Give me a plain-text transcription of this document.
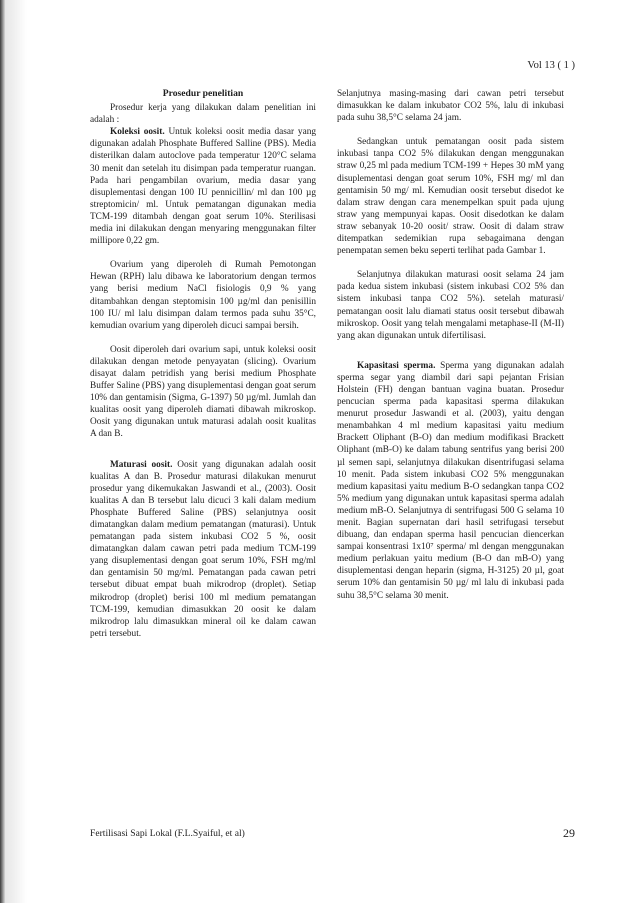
Vol 13 ( 1 )
Prosedur penelitian

Prosedur kerja yang dilakukan dalam penelitian ini adalah :

Koleksi oosit. Untuk koleksi oosit media dasar yang digunakan adalah Phosphate Buffered Salline (PBS). Media disterilkan dalam autoclove pada temperatur 120°C selama 30 menit dan setelah itu disimpan pada temperatur ruangan. Pada hari pengambilan ovarium, media dasar yang disuplementasi dengan 100 IU pennicillin/ ml dan 100 µg streptomicin/ ml. Untuk pematangan digunakan media TCM-199 ditambah dengan goat serum 10%. Sterilisasi media ini dilakukan dengan menyaring menggunakan filter millipore 0,22 gm.

Ovarium yang diperoleh di Rumah Pemotongan Hewan (RPH) lalu dibawa ke laboratorium dengan termos yang berisi medium NaCl fisiologis 0,9 % yang ditambahkan dengan steptomisin 100 µg/ml dan penisillin 100 IU/ ml lalu disimpan dalam termos pada suhu 35°C, kemudian ovarium yang diperoleh dicuci sampai bersih.

Oosit diperoleh dari ovarium sapi, untuk koleksi oosit dilakukan dengan metode penyayatan (slicing). Ovarium disayat dalam petridish yang berisi medium Phosphate Buffer Saline (PBS) yang disuplementasi dengan goat serum 10% dan gentamisin (Sigma, G-1397) 50 µg/ml. Jumlah dan kualitas oosit yang diperoleh diamati dibawah mikroskop. Oosit yang digunakan untuk maturasi adalah oosit kualitas A dan B.

Maturasi oosit. Oosit yang digunakan adalah oosit kualitas A dan B. Prosedur maturasi dilakukan menurut prosedur yang dikemukakan Jaswandi et al., (2003). Oosit kualitas A dan B tersebut lalu dicuci 3 kali dalam medium Phosphate Buffered Saline (PBS) selanjutnya oosit dimatangkan dalam medium pematangan (maturasi). Untuk pematangan pada sistem inkubasi CO2 5 %, oosit dimatangkan dalam cawan petri pada medium TCM-199 yang disuplementasi dengan goat serum 10%, FSH mg/ml dan gentamisin 50 mg/ml. Pematangan pada cawan petri tersebut dibuat empat buah mikrodrop (droplet). Setiap mikrodrop (droplet) berisi 100 ml medium pematangan TCM-199, kemudian dimasukkan 20 oosit ke dalam mikrodrop lalu dimasukkan mineral oil ke dalam cawan petri tersebut.

Selanjutnya masing-masing dari cawan petri tersebut dimasukkan ke dalam inkubator CO2 5%, lalu di inkubasi pada suhu 38,5°C selama 24 jam.

Sedangkan untuk pematangan oosit pada sistem inkubasi tanpa CO2 5% dilakukan dengan menggunakan straw 0,25 ml pada medium TCM-199 + Hepes 30 mM yang disuplementasi dengan goat serum 10%, FSH mg/ ml dan gentamisin 50 mg/ ml. Kemudian oosit tersebut disedot ke dalam straw dengan cara menempelkan spuit pada ujung straw yang mempunyai kapas. Oosit disedotkan ke dalam straw sebanyak 10-20 oosit/ straw. Oosit di dalam straw ditempatkan sedemikian rupa sebagaimana dengan penempatan semen beku seperti terlihat pada Gambar 1.

Selanjutnya dilakukan maturasi oosit selama 24 jam pada kedua sistem inkubasi (sistem inkubasi CO2 5% dan sistem inkubasi tanpa CO2 5%). setelah maturasi/ pematangan oosit lalu diamati status oosit tersebut dibawah mikroskop. Oosit yang telah mengalami metaphase-II (M-II) yang akan digunakan untuk difertilisasi.

Kapasitasi sperma. Sperma yang digunakan adalah sperma segar yang diambil dari sapi pejantan Frisian Holstein (FH) dengan bantuan vagina buatan. Prosedur pencucian sperma pada kapasitasi sperma dilakukan menurut prosedur Jaswandi et al. (2003), yaitu dengan menambahkan 4 ml medium kapasitasi yaitu medium Brackett Oliphant (B-O) dan medium modifikasi Brackett Oliphant (mB-O) ke dalam tabung sentrifus yang berisi 200 µl semen sapi, selanjutnya dilakukan disentrifugasi selama 10 menit. Pada sistem inkubasi CO2 5% menggunakan medium kapasitasi yaitu medium B-O sedangkan tanpa CO2 5% medium yang digunakan untuk kapasitasi sperma adalah medium mB-O. Selanjutnya di sentrifugasi 500 G selama 10 menit. Bagian supernatan dari hasil setrifugasi tersebut dibuang, dan endapan sperma hasil pencucian diencerkan sampai konsentrasi 1x10⁷ sperma/ ml dengan menggunakan medium perlakuan yaitu medium (B-O dan mB-O) yang disuplementasi dengan heparin (sigma, H-3125) 20 µl, goat serum 10% dan gentamisin 50 µg/ ml lalu di inkubasi pada suhu 38,5°C selama 30 menit.

Fertilisasi Sapi Lokal (F.L.Syaiful, et al)	29
